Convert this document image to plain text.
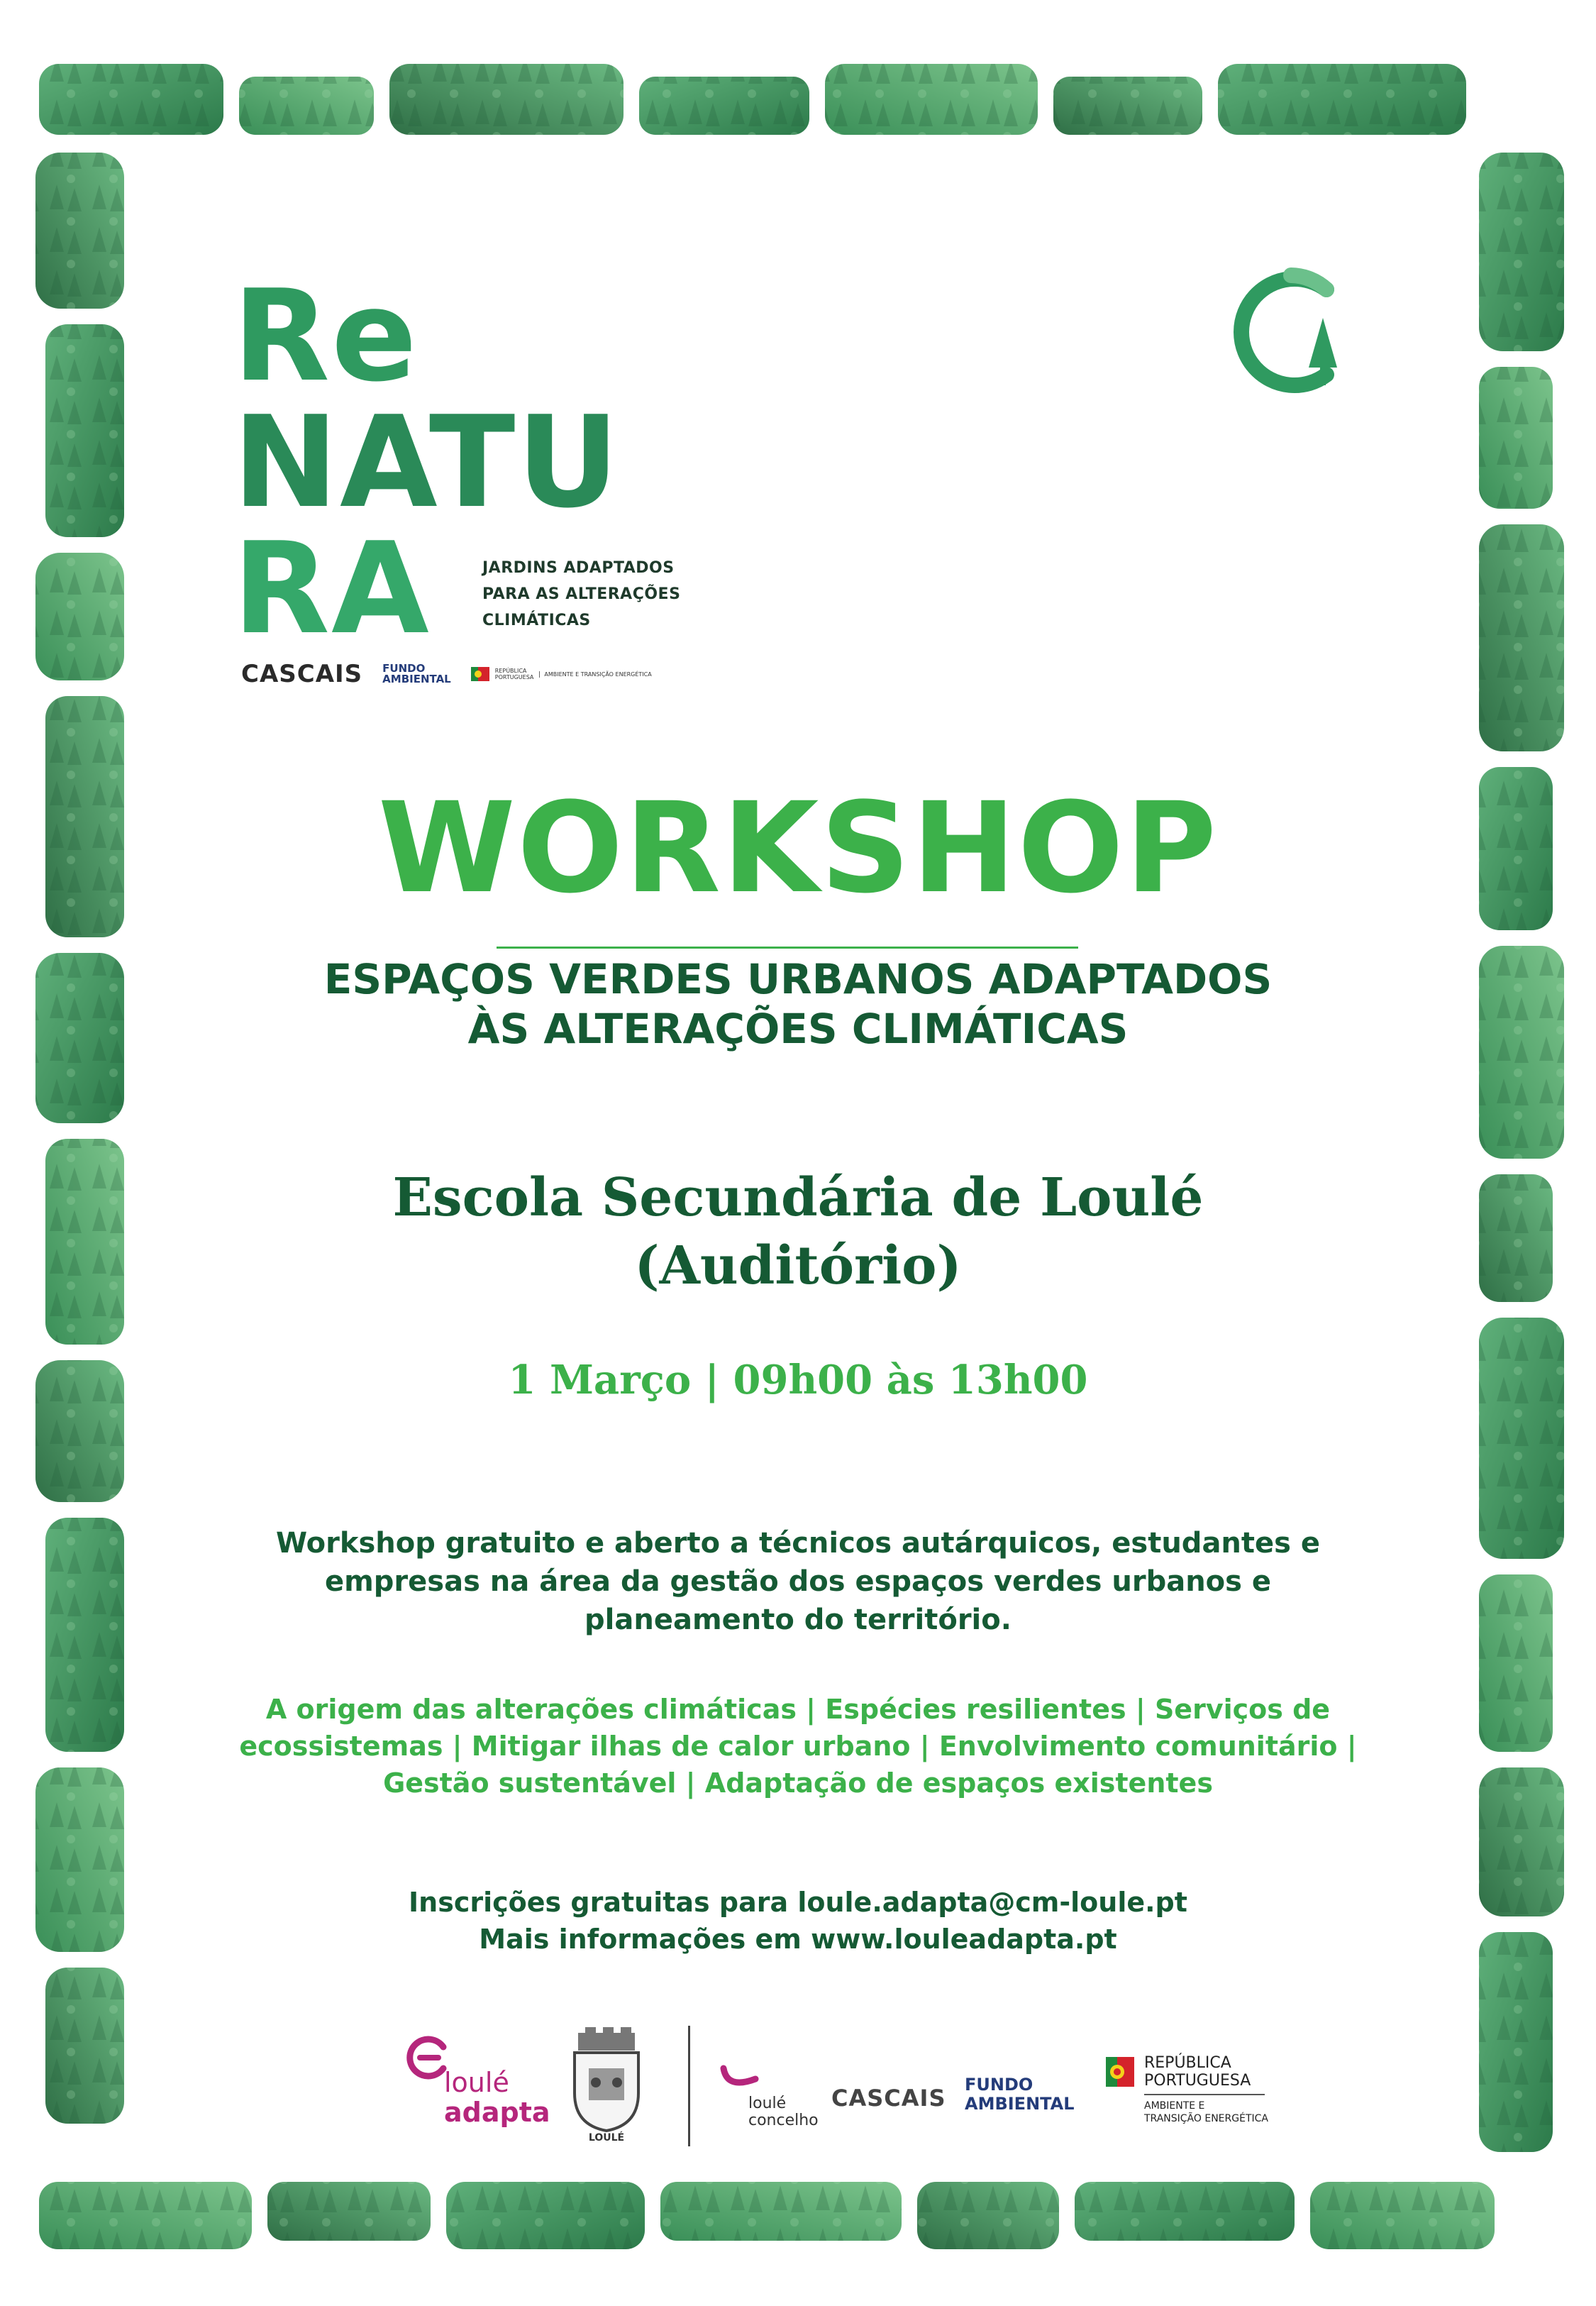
Re
NATU
RA	JARDINS ADAPTADOS
PARA AS ALTERAÇÕES
CLIMÁTICAS
CASCAIS FUNDO
AMBIENTAL
REPÚBLICA
PORTUGUESA	AMBIENTE E TRANSIÇÃO ENERGÉTICA
WORKSHOP
ESPAÇOS VERDES URBANOS ADAPTADOS
ÀS ALTERAÇÕES CLIMÁTICAS
Escola Secundária de Loulé
(Auditório)
1 Março | 09h00 às 13h00
Workshop gratuito e aberto a técnicos autárquicos, estudantes e
empresas na área da gestão dos espaços verdes urbanos e
planeamento do território.
A origem das alterações climáticas | Espécies resilientes | Serviços de
ecossistemas | Mitigar ilhas de calor urbano | Envolvimento comunitário |
Gestão sustentável | Adaptação de espaços existentes
Inscrições gratuitas para loule.adapta@cm-loule.pt
Mais informações em www.louleadapta.pt
loulé
adapta
LOULÉ
loulé
concelho
CASCAIS FUNDO
AMBIENTAL
REPÚBLICA
PORTUGUESA
AMBIENTE E
TRANSIÇÃO ENERGÉTICA
